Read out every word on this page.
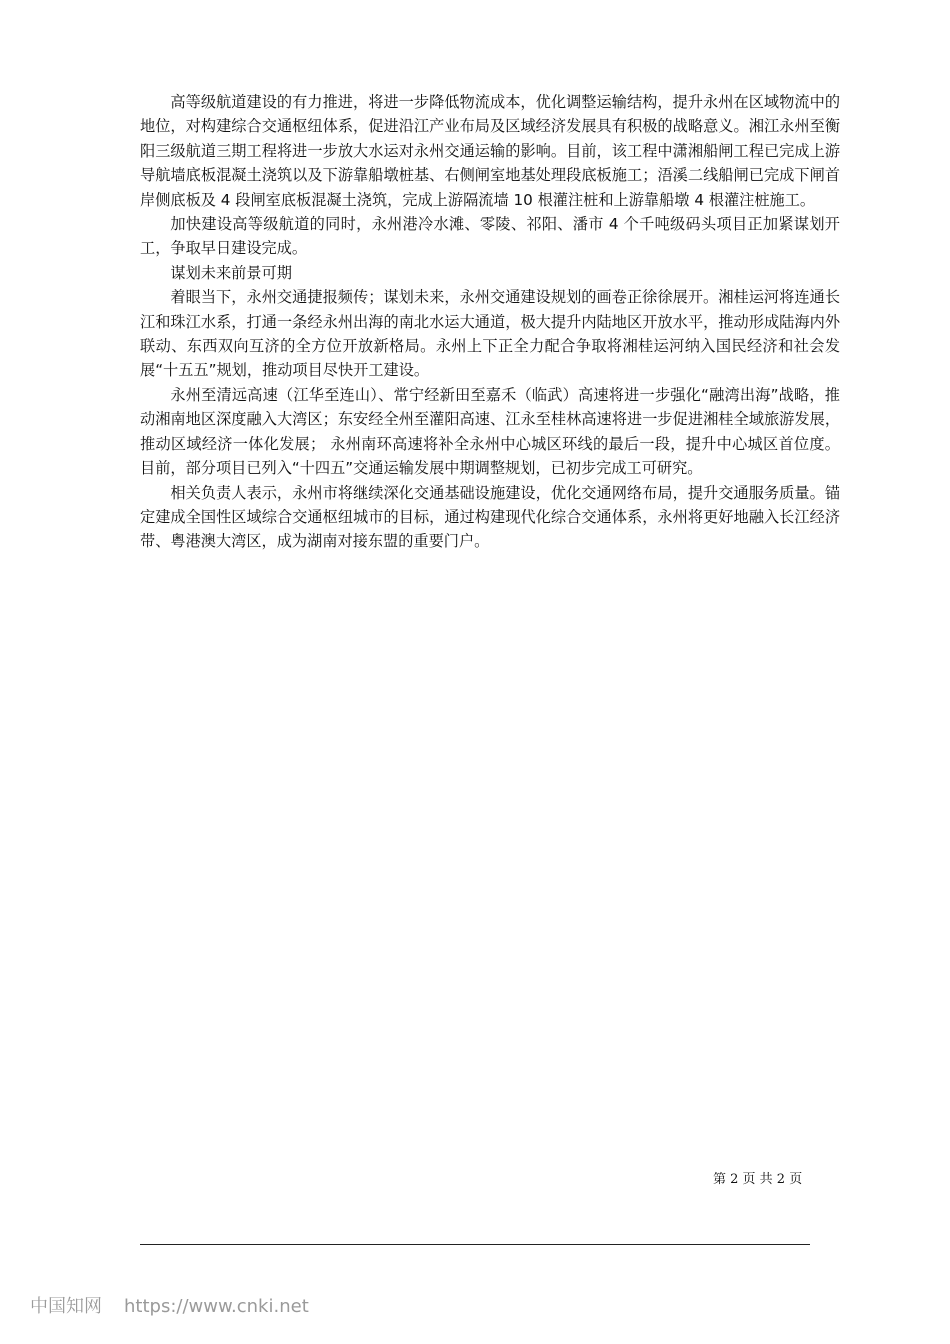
高等级航道建设的有力推进，将进一步降低物流成本，优化调整运输结构，提升永州在区域物流中的地位，对构建综合交通枢纽体系，促进沿江产业布局及区域经济发展具有积极的战略意义。湘江永州至衡阳三级航道三期工程将进一步放大水运对永州交通运输的影响。目前，该工程中潇湘船闸工程已完成上游导航墙底板混凝土浇筑以及下游靠船墩桩基、右侧闸室地基处理段底板施工；浯溪二线船闸已完成下闸首岸侧底板及 4 段闸室底板混凝土浇筑，完成上游隔流墙 10 根灌注桩和上游靠船墩 4 根灌注桩施工。

加快建设高等级航道的同时，永州港冷水滩、零陵、祁阳、潘市 4 个千吨级码头项目正加紧谋划开工，争取早日建设完成。

谋划未来前景可期

着眼当下，永州交通捷报频传；谋划未来，永州交通建设规划的画卷正徐徐展开。湘桂运河将连通长江和珠江水系，打通一条经永州出海的南北水运大通道，极大提升内陆地区开放水平，推动形成陆海内外联动、东西双向互济的全方位开放新格局。永州上下正全力配合争取将湘桂运河纳入国民经济和社会发展“十五五”规划，推动项目尽快开工建设。

永州至清远高速（江华至连山）、常宁经新田至嘉禾（临武）高速将进一步强化“融湾出海”战略，推动湘南地区深度融入大湾区；东安经全州至灌阳高速、江永至桂林高速将进一步促进湘桂全域旅游发展， 推动区域经济一体化发展； 永州南环高速将补全永州中心城区环线的最后一段，提升中心城区首位度。目前，部分项目已列入“十四五”交通运输发展中期调整规划，已初步完成工可研究。

相关负责人表示，永州市将继续深化交通基础设施建设，优化交通网络布局，提升交通服务质量。锚定建成全国性区域综合交通枢纽城市的目标，通过构建现代化综合交通体系，永州将更好地融入长江经济带、粤港澳大湾区，成为湖南对接东盟的重要门户。

第 2 页 共 2 页
中国知网 https://www.cnki.net
